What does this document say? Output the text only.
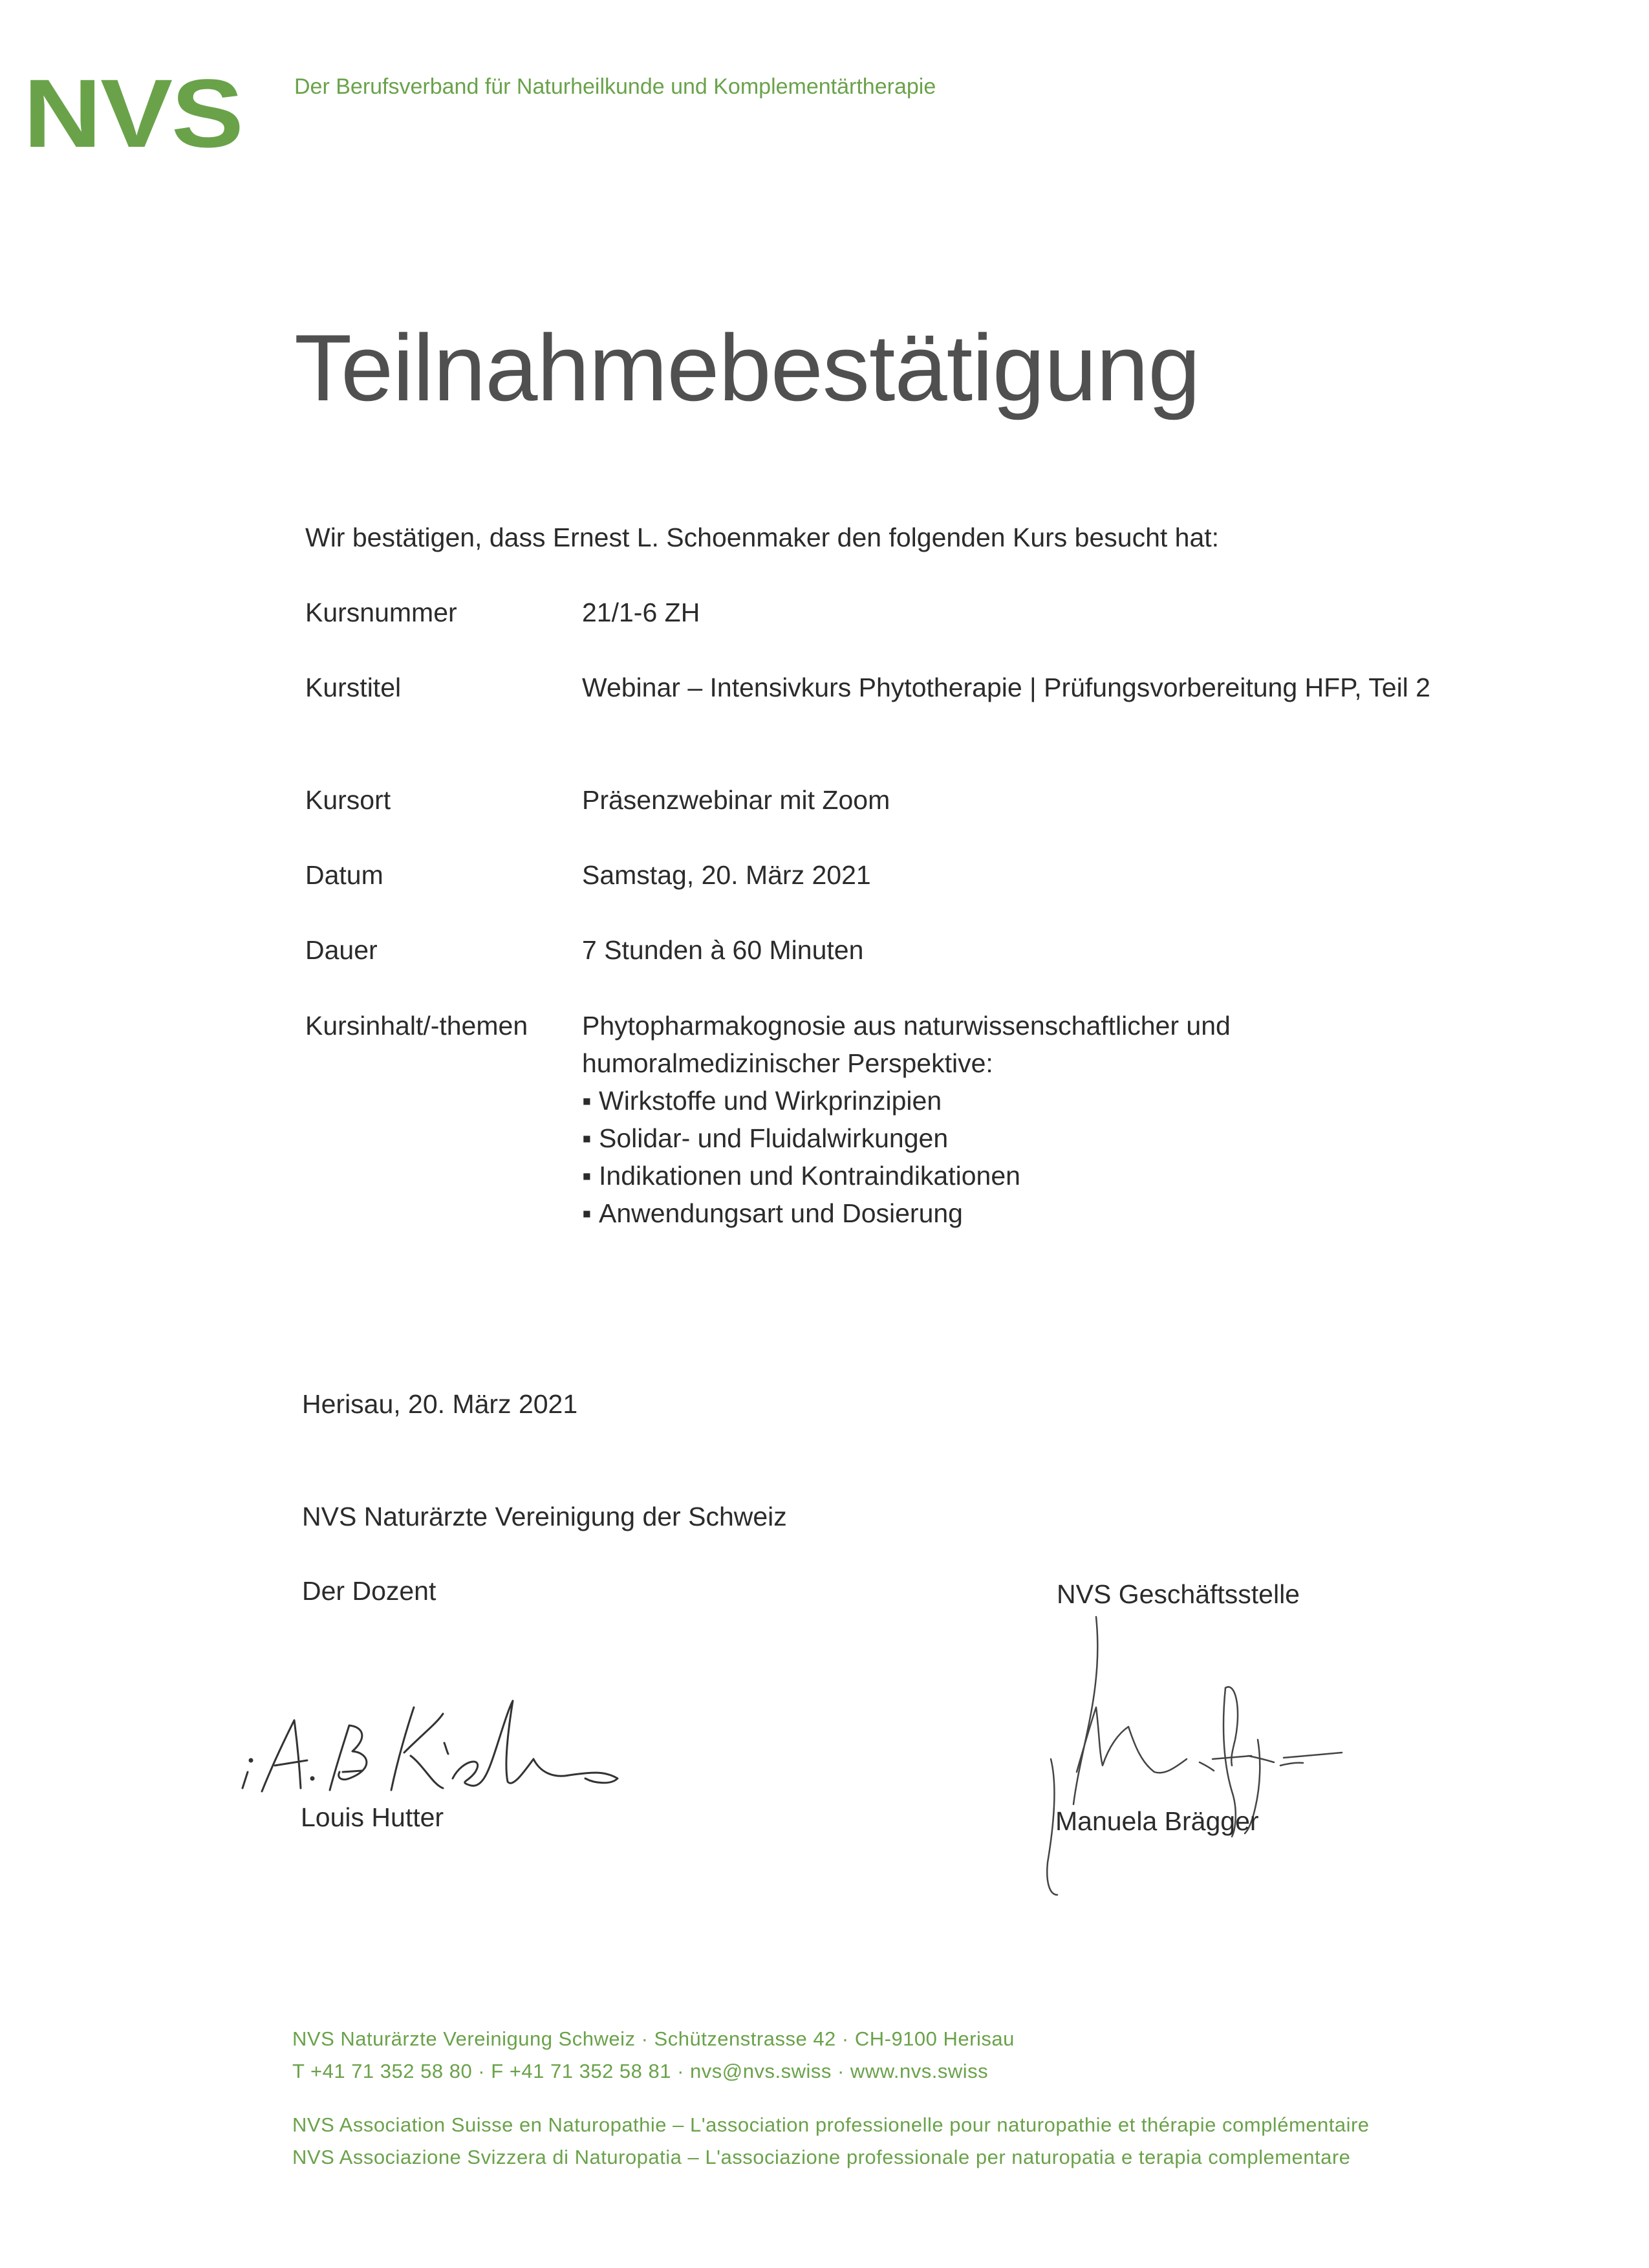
NVS Der Berufsverband für Naturheilkunde und Komplementärtherapie
Teilnahmebestätigung
Wir bestätigen, dass Ernest L. Schoenmaker den folgenden Kurs besucht hat:
Kursnummer	21/1-6 ZH
Kurstitel	Webinar – Intensivkurs Phytotherapie | Prüfungsvorbereitung HFP, Teil 2
Kursort	Präsenzwebinar mit Zoom
Datum	Samstag, 20. März 2021
Dauer	7 Stunden à 60 Minuten
Kursinhalt/-themen Phytopharmakognosie aus naturwissenschaftlicher und humoralmedizinischer Perspektive:
▪ Wirkstoffe und Wirkprinzipien
▪ Solidar- und Fluidalwirkungen
▪ Indikationen und Kontraindikationen
▪ Anwendungsart und Dosierung
Herisau, 20. März 2021
NVS Naturärzte Vereinigung der Schweiz
Der Dozent	NVS Geschäftsstelle
Louis Hutter	Manuela Brägger
NVS Naturärzte Vereinigung Schweiz · Schützenstrasse 42 · CH-9100 Herisau
T +41 71 352 58 80 · F +41 71 352 58 81 · nvs@nvs.swiss · www.nvs.swiss
NVS Association Suisse en Naturopathie – L'association professionelle pour naturopathie et thérapie complémentaire
NVS Associazione Svizzera di Naturopatia – L'associazione professionale per naturopatia e terapia complementare
